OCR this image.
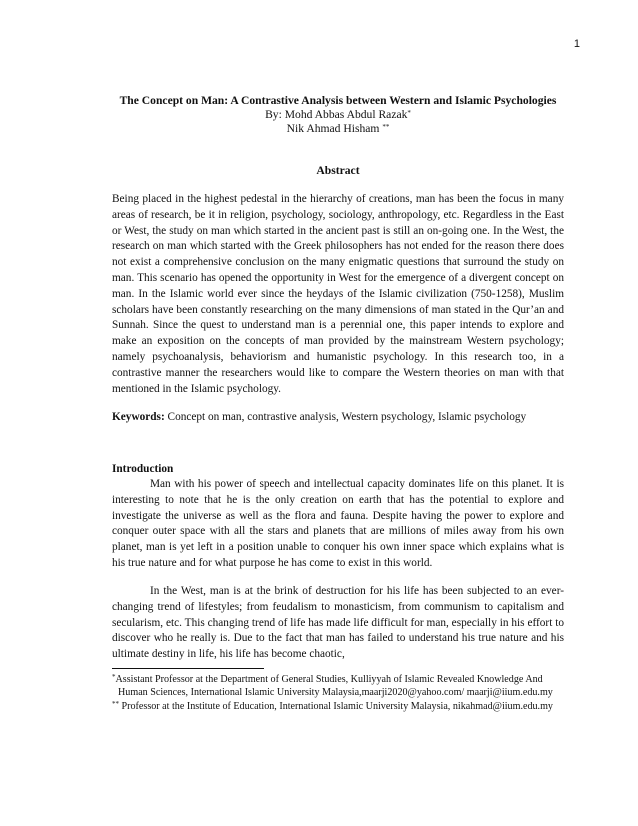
1

The Concept on Man: A Contrastive Analysis between Western and Islamic Psychologies

By: Mohd Abbas Abdul Razak*

Nik Ahmad Hisham **

Abstract

Being placed in the highest pedestal in the hierarchy of creations, man has been the focus in many areas of research, be it in religion, psychology, sociology, anthropology, etc. Regardless in the East or West, the study on man which started in the ancient past is still an on-going one. In the West, the research on man which started with the Greek philosophers has not ended for the reason there does not exist a comprehensive conclusion on the many enigmatic questions that surround the study on man. This scenario has opened the opportunity in West for the emergence of a divergent concept on man. In the Islamic world ever since the heydays of the Islamic civilization (750-1258), Muslim scholars have been constantly researching on the many dimensions of man stated in the Qur’an and Sunnah. Since the quest to understand man is a perennial one, this paper intends to explore and make an exposition on the concepts of man provided by the mainstream Western psychology; namely psychoanalysis, behaviorism and humanistic psychology. In this research too, in a contrastive manner the researchers would like to compare the Western theories on man with that mentioned in the Islamic psychology.

Keywords: Concept on man, contrastive analysis, Western psychology, Islamic psychology

Introduction

Man with his power of speech and intellectual capacity dominates life on this planet. It is interesting to note that he is the only creation on earth that has the potential to explore and investigate the universe as well as the flora and fauna. Despite having the power to explore and conquer outer space with all the stars and planets that are millions of miles away from his own planet, man is yet left in a position unable to conquer his own inner space which explains what is his true nature and for what purpose he has come to exist in this world.

In the West, man is at the brink of destruction for his life has been subjected to an ever- changing trend of lifestyles; from feudalism to monasticism, from communism to capitalism and secularism, etc. This changing trend of life has made life difficult for man, especially in his effort to discover who he really is. Due to the fact that man has failed to understand his true nature and his ultimate destiny in life, his life has become chaotic,

*Assistant Professor at the Department of General Studies, Kulliyyah of Islamic Revealed Knowledge And Human Sciences, International Islamic University Malaysia,maarji2020@yahoo.com/ maarji@iium.edu.my

** Professor at the Institute of Education, International Islamic University Malaysia, nikahmad@iium.edu.my
